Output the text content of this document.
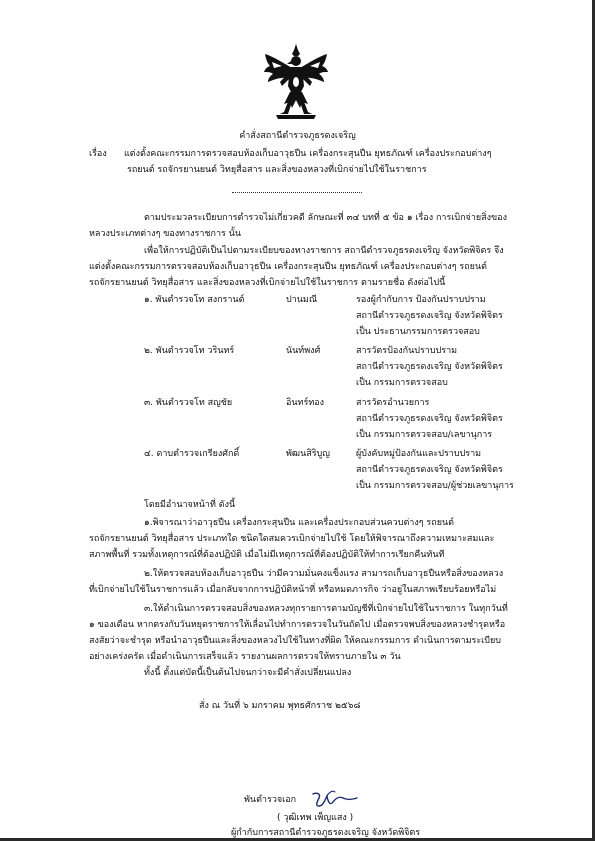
คำสั่งสถานีตำรวจภูธรดงเจริญ
เรื่อง แต่งตั้งคณะกรรมการตรวจสอบห้องเก็บอาวุธปืน เครื่องกระสุนปืน ยุทธภัณฑ์ เครื่องประกอบต่างๆ
รถยนต์ รถจักรยานยนต์ วิทยุสื่อสาร และสิ่งของหลวงที่เบิกจ่ายไปใช้ในราชการ
ตามประมวลระเบียบการตำรวจไม่เกี่ยวคดี ลักษณะที่ ๓๔ บทที่ ๕ ข้อ ๑ เรื่อง การเบิกจ่ายสิ่งของ
หลวงประเภทต่างๆ ของทางราชการ นั้น
เพื่อให้การปฏิบัติเป็นไปตามระเบียบของทางราชการ สถานีตำรวจภูธรดงเจริญ จังหวัดพิจิตร จึง
แต่งตั้งคณะกรรมการตรวจสอบห้องเก็บอาวุธปืน เครื่องกระสุนปืน ยุทธภัณฑ์ เครื่องประกอบต่างๆ รถยนต์
รถจักรยานยนต์ วิทยุสื่อสาร และสิ่งของหลวงที่เบิกจ่ายไปใช้ในราชการ ตามรายชื่อ ดังต่อไปนี้
๑. พันตำรวจโท สงกรานต์	ปานมณี	รองผู้กำกับการ ป้องกันปราบปราม
สถานีตำรวจภูธรดงเจริญ จังหวัดพิจิตร
เป็น ประธานกรรมการตรวจสอบ
๒. พันตำรวจโท วรินทร์	นันท์พงศ์	สารวัตรป้องกันปราบปราม
สถานีตำรวจภูธรดงเจริญ จังหวัดพิจิตร
เป็น กรรมการตรวจสอบ
๓. พันตำรวจโท สญชัย	อินทร์ทอง	สารวัตรอำนวยการ
สถานีตำรวจภูธรดงเจริญ จังหวัดพิจิตร
เป็น กรรมการตรวจสอบ/เลขานุการ
๔. ดาบตำรวจเกรียงศักดิ์	พัฒนสิริบูญ	ผู้บังคับหมู่ป้องกันและปราบปราม
สถานีตำรวจภูธรดงเจริญ จังหวัดพิจิตร
เป็น กรรมการตรวจสอบ/ผู้ช่วยเลขานุการ
โดยมีอำนาจหน้าที่ ดังนี้
๑.พิจารณาว่าอาวุธปืน เครื่องกระสุนปืน และเครื่องประกอบส่วนควบต่างๆ รถยนต์
รถจักรยานยนต์ วิทยุสื่อสาร ประเภทใด ชนิดใดสมควรเบิกจ่ายไปใช้ โดยให้พิจารณาถึงความเหมาะสมและ
สภาพพื้นที่ รวมทั้งเหตุการณ์ที่ต้องปฏิบัติ เมื่อไม่มีเหตุการณ์ที่ต้องปฏิบัติให้ทำการเรียกคืนทันที
๒.ให้ตรวจสอบห้องเก็บอาวุธปืน ว่ามีความมั่นคงแข็งแรง สามารถเก็บอาวุธปืนหรือสิ่งของหลวง
ที่เบิกจ่ายไปใช้ในราชการแล้ว เมื่อกลับจากการปฏิบัติหน้าที่ หรือหมดภารกิจ ว่าอยู่ในสภาพเรียบร้อยหรือไม่
๓.ให้ดำเนินการตรวจสอบสิ่งของหลวงทุกรายการตามบัญชีที่เบิกจ่ายไปใช้ในราชการ ในทุกวันที่
๑ ของเดือน หากตรงกับวันหยุดราชการให้เลื่อนไปทำการตรวจในวันถัดไป เมื่อตรวจพบสิ่งของหลวงชำรุดหรือ
สงสัยว่าจะชำรุด หรือนำอาวุธปืนและสิ่งของหลวงไปใช้ในทางที่ผิด ให้คณะกรรมการ ดำเนินการตามระเบียบ
อย่างเคร่งครัด เมื่อดำเนินการเสร็จแล้ว รายงานผลการตรวจให้ทราบภายใน ๓ วัน
ทั้งนี้ ตั้งแต่บัดนี้เป็นต้นไปจนกว่าจะมีคำสั่งเปลี่ยนแปลง
สั่ง ณ วันที่ ๖ มกราคม พุทธศักราช ๒๕๖๘
พันตำรวจเอก
( วุฒิเทพ เพ็ญแสง )
ผู้กำกับการสถานีตำรวจภูธรดงเจริญ จังหวัดพิจิตร
